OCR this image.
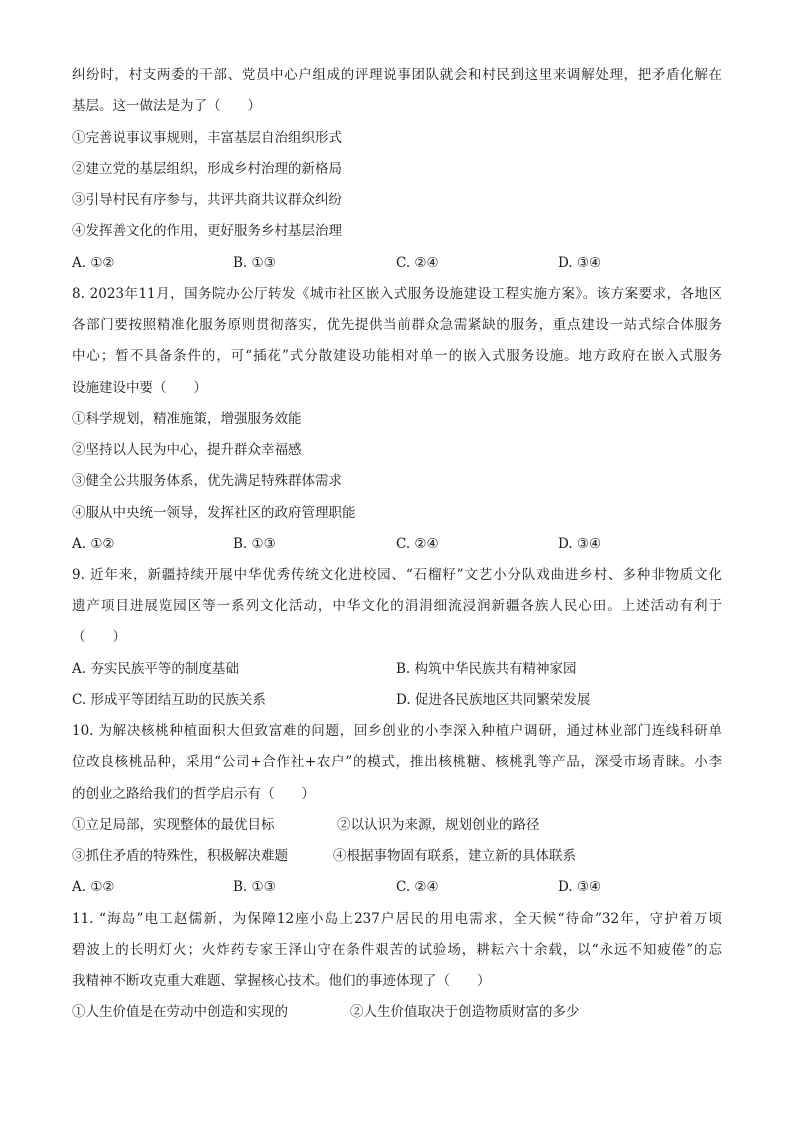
纠纷时，村支两委的干部、党员中心户组成的评理说事团队就会和村民到这里来调解处理，把矛盾化解在
基层。这一做法是为了（　　）
①完善说事议事规则，丰富基层自治组织形式
②建立党的基层组织，形成乡村治理的新格局
③引导村民有序参与，共评共商共议群众纠纷
④发挥善文化的作用，更好服务乡村基层治理
A. ①②	B. ①③	C. ②④	D. ③④
8. 2023年11月，国务院办公厅转发《城市社区嵌入式服务设施建设工程实施方案》。该方案要求，各地区
各部门要按照精准化服务原则贯彻落实，优先提供当前群众急需紧缺的服务，重点建设一站式综合体服务
中心；暂不具备条件的，可“插花”式分散建设功能相对单一的嵌入式服务设施。地方政府在嵌入式服务
设施建设中要（　　）
①科学规划，精准施策，增强服务效能
②坚持以人民为中心，提升群众幸福感
③健全公共服务体系，优先满足特殊群体需求
④服从中央统一领导，发挥社区的政府管理职能
A. ①②	B. ①③	C. ②④	D. ③④
9. 近年来，新疆持续开展中华优秀传统文化进校园、“石榴籽”文艺小分队戏曲进乡村、多种非物质文化
遗产项目进展览园区等一系列文化活动，中华文化的涓涓细流浸润新疆各族人民心田。上述活动有利于
（　　）
A. 夯实民族平等的制度基础	B. 构筑中华民族共有精神家园
C. 形成平等团结互助的民族关系	D. 促进各民族地区共同繁荣发展
10. 为解决核桃种植面积大但致富难的问题，回乡创业的小李深入种植户调研，通过林业部门连线科研单
位改良核桃品种，采用“公司+合作社+农户”的模式，推出核桃糖、核桃乳等产品，深受市场青睐。小李
的创业之路给我们的哲学启示有（　　）
①立足局部，实现整体的最优目标	②以认识为来源，规划创业的路径
③抓住矛盾的特殊性，积极解决难题	④根据事物固有联系，建立新的具体联系
A. ①②	B. ①③	C. ②④	D. ③④
11. “海岛”电工赵儒新，为保障12座小岛上237户居民的用电需求，全天候“待命”32年，守护着万顷
碧波上的长明灯火；火炸药专家王泽山守在条件艰苦的试验场，耕耘六十余载，以“永远不知疲倦”的忘
我精神不断攻克重大难题、掌握核心技术。他们的事迹体现了（　　）
①人生价值是在劳动中创造和实现的	②人生价值取决于创造物质财富的多少
